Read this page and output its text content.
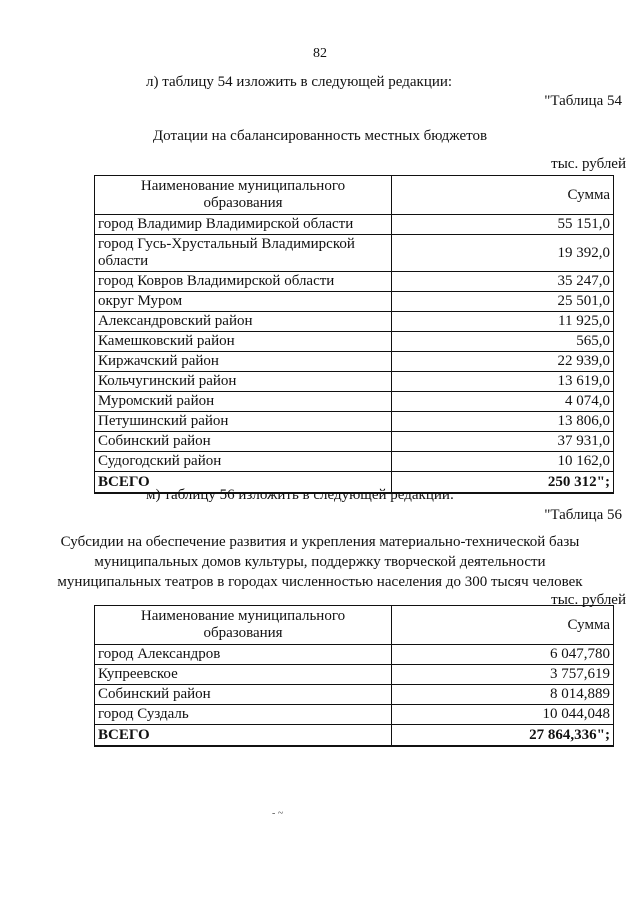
82
л) таблицу 54 изложить в следующей редакции:
"Таблица 54
Дотации на сбалансированность местных бюджетов
тыс. рублей
Наименование муниципального образования	Сумма
город Владимир Владимирской области	55 151,0
город Гусь-Хрустальный Владимирской области	19 392,0
город Ковров Владимирской области	35 247,0
округ Муром	25 501,0
Александровский район	11 925,0
Камешковский район	565,0
Киржачский район	22 939,0
Кольчугинский район	13 619,0
Муромский район	4 074,0
Петушинский район	13 806,0
Собинский район	37 931,0
Судогодский район	10 162,0
ВСЕГО	250 312";
м) таблицу 56 изложить в следующей редакции:
"Таблица 56
Субсидии на обеспечение развития и укрепления материально-технической базы
муниципальных домов культуры, поддержку творческой деятельности
муниципальных театров в городах численностью населения до 300 тысяч человек
тыс. рублей
Наименование муниципального образования	Сумма
город Александров	6 047,780
Купреевское	3 757,619
Собинский район	8 014,889
город Суздаль	10 044,048
ВСЕГО	27 864,336";
- ~
